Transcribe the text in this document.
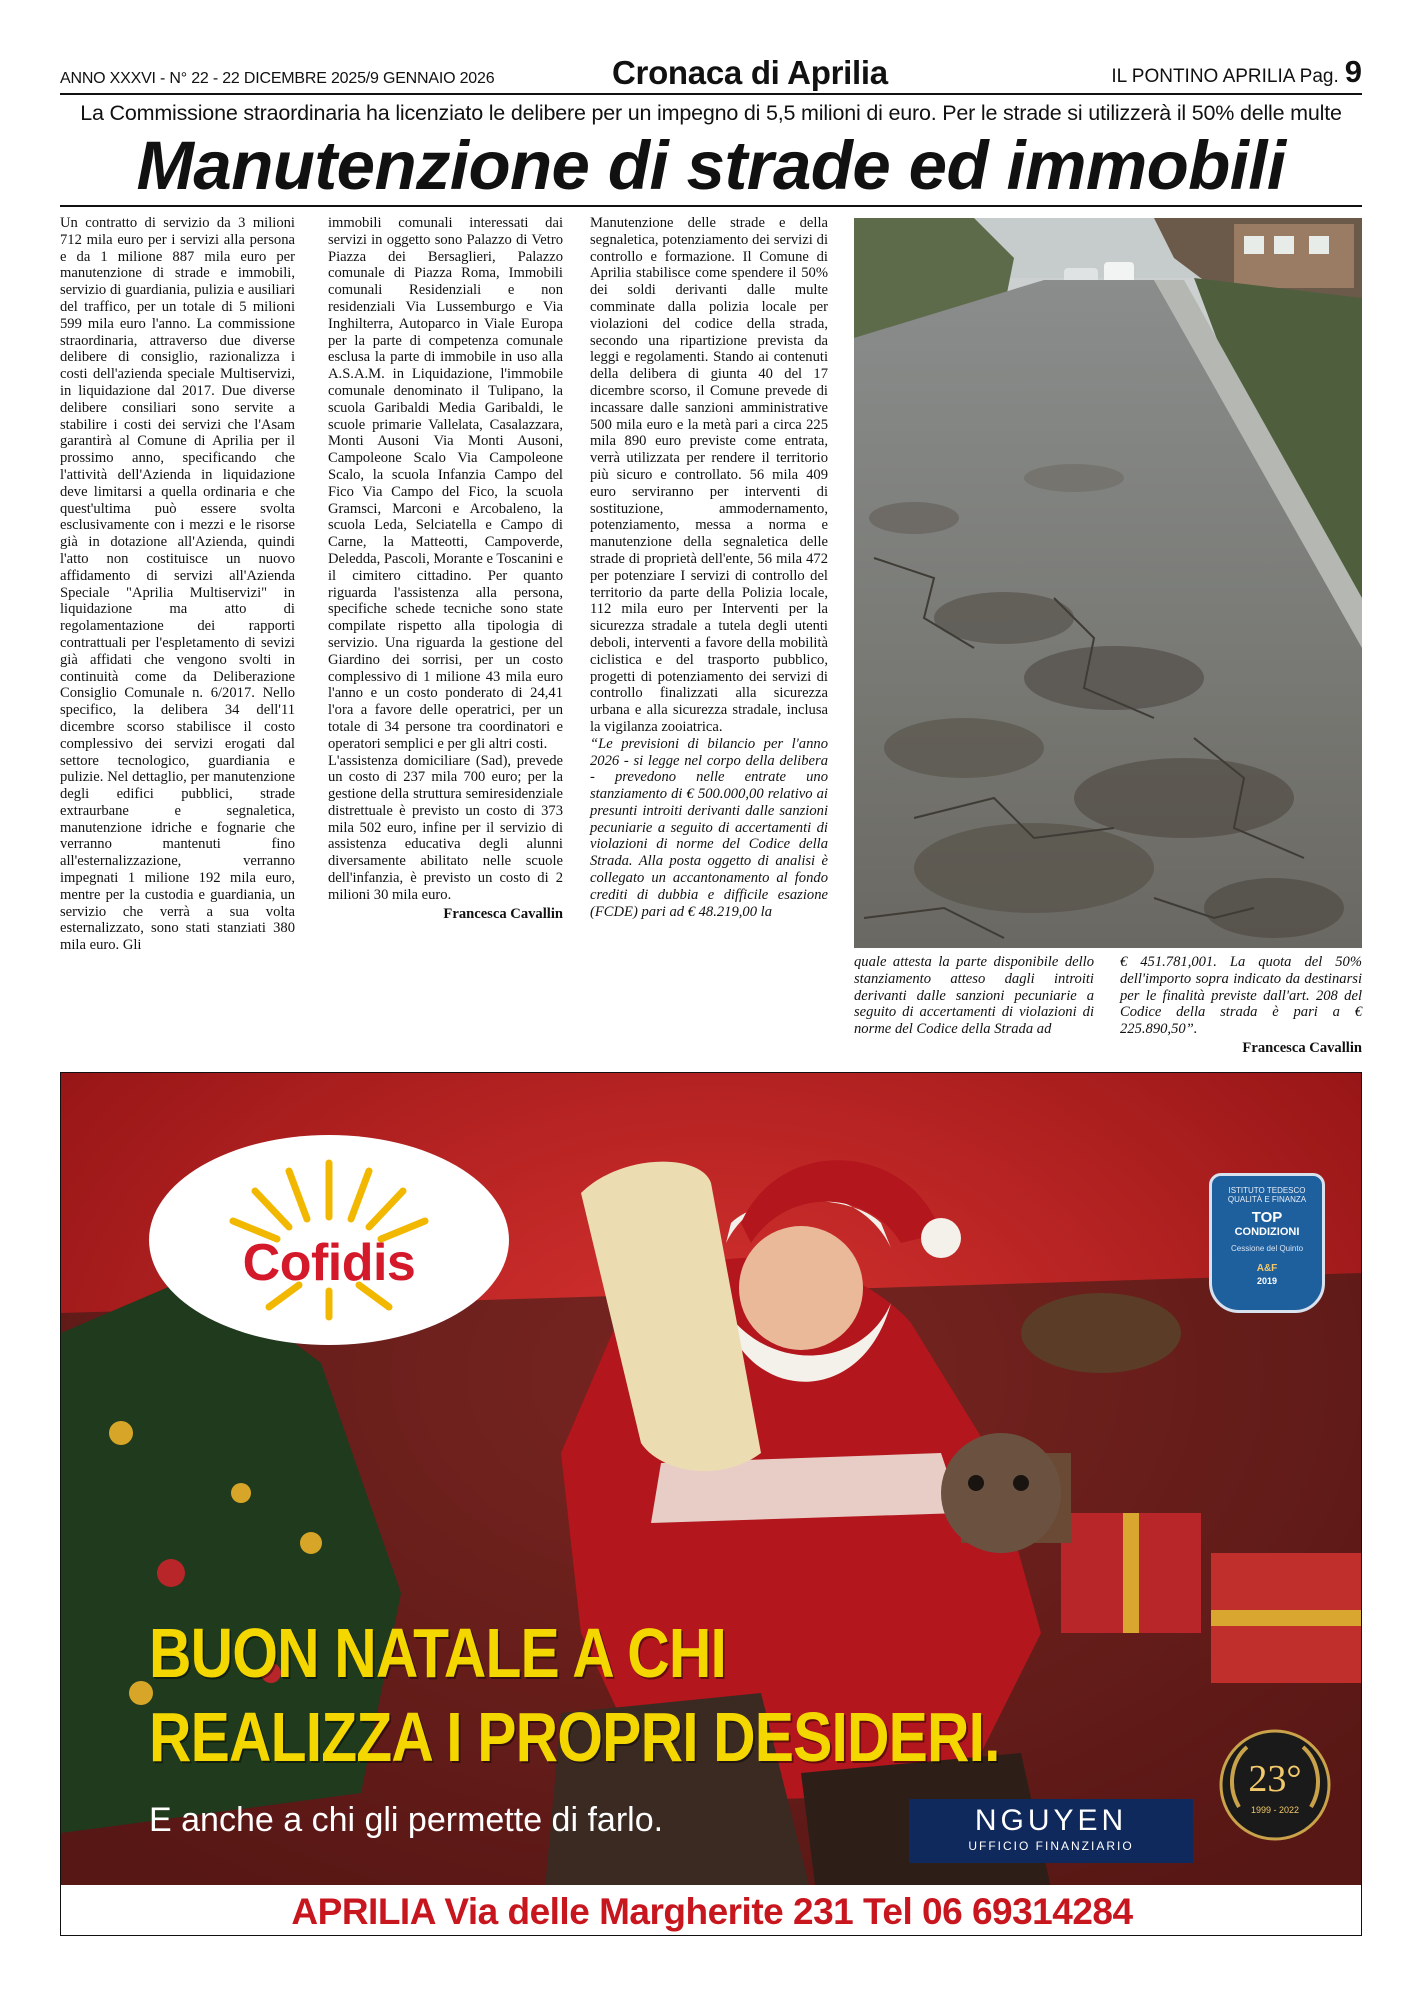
ANNO XXXVI - N° 22 - 22 DICEMBRE 2025/9 GENNAIO 2026	Cronaca di Aprilia	IL PONTINO APRILIA Pag. 9
La Commissione straordinaria ha licenziato le delibere per un impegno di 5,5 milioni di euro. Per le strade si utilizzerà il 50% delle multe
Manutenzione di strade ed immobili

Un contratto di servizio da 3 milioni 712 mila euro per i servizi alla persona e da 1 milione 887 mila euro per manutenzione di strade e immobili, servizio di guardiania, pulizia e ausiliari del traffico, per un totale di 5 milioni 599 mila euro l'anno. La commissione straordinaria, attraverso due diverse delibere di consiglio, razionalizza i costi dell'azienda speciale Multiservizi, in liquidazione dal 2017. Due diverse delibere consiliari sono servite a stabilire i costi dei servizi che l'Asam garantirà al Comune di Aprilia per il prossimo anno, specificando che l'attività dell'Azienda in liquidazione deve limitarsi a quella ordinaria e che quest'ultima può essere svolta esclusivamente con i mezzi e le risorse già in dotazione all'Azienda, quindi l'atto non costituisce un nuovo affidamento di servizi all'Azienda Speciale "Aprilia Multiservizi" in liquidazione ma atto di regolamentazione dei rapporti contrattuali per l'espletamento di sevizi già affidati che vengono svolti in continuità come da Deliberazione Consiglio Comunale n. 6/2017. Nello specifico, la delibera 34 dell'11 dicembre scorso stabilisce il costo complessivo dei servizi erogati dal settore tecnologico, guardiania e pulizie. Nel dettaglio, per manutenzione degli edifici pubblici, strade extraurbane e segnaletica, manutenzione idriche e fognarie che verranno mantenuti fino all'esternalizzazione, verranno impegnati 1 milione 192 mila euro, mentre per la custodia e guardiania, un servizio che verrà a sua volta esternalizzato, sono stati stanziati 380 mila euro. Gli

immobili comunali interessati dai servizi in oggetto sono Palazzo di Vetro Piazza dei Bersaglieri, Palazzo comunale di Piazza Roma, Immobili comunali Residenziali e non residenziali Via Lussemburgo e Via Inghilterra, Autoparco in Viale Europa per la parte di competenza comunale esclusa la parte di immobile in uso alla A.S.A.M. in Liquidazione, l'immobile comunale denominato il Tulipano, la scuola Garibaldi Media Garibaldi, le scuole primarie Vallelata, Casalazzara, Monti Ausoni Via Monti Ausoni, Campoleone Scalo Via Campoleone Scalo, la scuola Infanzia Campo del Fico Via Campo del Fico, la scuola Gramsci, Marconi e Arcobaleno, la scuola Leda, Selciatella e Campo di Carne, la Matteotti, Campoverde, Deledda, Pascoli, Morante e Toscanini e il cimitero cittadino. Per quanto riguarda l'assistenza alla persona, specifiche schede tecniche sono state compilate rispetto alla tipologia di servizio. Una riguarda la gestione del Giardino dei sorrisi, per un costo complessivo di 1 milione 43 mila euro l'anno e un costo ponderato di 24,41 l'ora a favore delle operatrici, per un totale di 34 persone tra coordinatori e operatori semplici e per gli altri costi.

L'assistenza domiciliare (Sad), prevede un costo di 237 mila 700 euro; per la gestione della struttura semiresidenziale distrettuale è previsto un costo di 373 mila 502 euro, infine per il servizio di assistenza educativa degli alunni diversamente abilitato nelle scuole dell'infanzia, è previsto un costo di 2 milioni 30 mila euro.

Francesca Cavallin

Manutenzione delle strade e della segnaletica, potenziamento dei servizi di controllo e formazione. Il Comune di Aprilia stabilisce come spendere il 50% dei soldi derivanti dalle multe comminate dalla polizia locale per violazioni del codice della strada, secondo una ripartizione prevista da leggi e regolamenti. Stando ai contenuti della delibera di giunta 40 del 17 dicembre scorso, il Comune prevede di incassare dalle sanzioni amministrative 500 mila euro e la metà pari a circa 225 mila 890 euro previste come entrata, verrà utilizzata per rendere il territorio più sicuro e controllato. 56 mila 409 euro serviranno per interventi di sostituzione, ammodernamento, potenziamento, messa a norma e manutenzione della segnaletica delle strade di proprietà dell'ente, 56 mila 472 per potenziare I servizi di controllo del territorio da parte della Polizia locale, 112 mila euro per Interventi per la sicurezza stradale a tutela degli utenti deboli, interventi a favore della mobilità ciclistica e del trasporto pubblico, progetti di potenziamento dei servizi di controllo finalizzati alla sicurezza urbana e alla sicurezza stradale, inclusa la vigilanza zooiatrica.

“Le previsioni di bilancio per l'anno 2026 - si legge nel corpo della delibera - prevedono nelle entrate uno stanziamento di € 500.000,00 relativo ai presunti introiti derivanti dalle sanzioni pecuniarie a seguito di accertamenti di violazioni di norme del Codice della Strada. Alla posta oggetto di analisi è collegato un accantonamento al fondo crediti di dubbia e difficile esazione (FCDE) pari ad € 48.219,00 la

quale attesta la parte disponibile dello stanziamento atteso dagli introiti derivanti dalle sanzioni pecuniarie a seguito di accertamenti di violazioni di norme del Codice della Strada ad

€ 451.781,001. La quota del 50% dell'importo sopra indicato da destinarsi per le finalità previste dall'art. 208 del Codice della strada è pari a € 225.890,50”.

Francesca Cavallin

Cofidis
ISTITUTO TEDESCO QUALITÀ E FINANZA
TOP
CONDIZIONI
Cessione del Quinto
A&F
2019
BUON NATALE A CHI
REALIZZA I PROPRI DESIDERI.
E anche a chi gli permette di farlo.	NGUYEN
UFFICIO FINANZIARIO
23°
1999 - 2022
APRILIA Via delle Margherite 231 Tel 06 69314284
